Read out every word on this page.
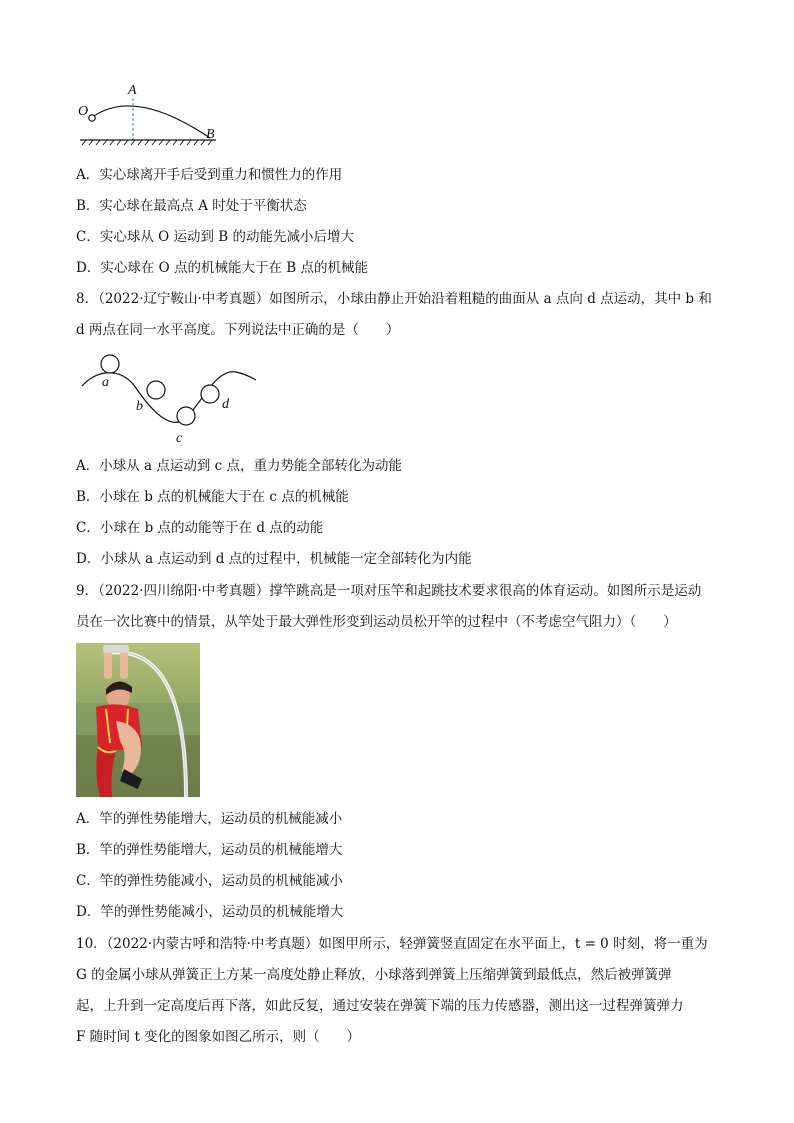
O
A
B
A．实心球离开手后受到重力和惯性力的作用
B．实心球在最高点 A 时处于平衡状态
C．实心球从 O 运动到 B 的动能先减小后增大
D．实心球在 O 点的机械能大于在 B 点的机械能
8．（2022·辽宁鞍山·中考真题）如图所示，小球由静止开始沿着粗糙的曲面从 a 点向 d 点运动，其中 b 和
d 两点在同一水平高度。下列说法中正确的是（　　）
a
b
c
d
A．小球从 a 点运动到 c 点，重力势能全部转化为动能
B．小球在 b 点的机械能大于在 c 点的机械能
C．小球在 b 点的动能等于在 d 点的动能
D．小球从 a 点运动到 d 点的过程中，机械能一定全部转化为内能
9．（2022·四川绵阳·中考真题）撑竿跳高是一项对压竿和起跳技术要求很高的体育运动。如图所示是运动
员在一次比赛中的情景，从竿处于最大弹性形变到运动员松开竿的过程中（不考虑空气阻力）（　　）
A．竿的弹性势能增大，运动员的机械能减小
B．竿的弹性势能增大，运动员的机械能增大
C．竿的弹性势能减小，运动员的机械能减小
D．竿的弹性势能减小，运动员的机械能增大
10．（2022·内蒙古呼和浩特·中考真题）如图甲所示，轻弹簧竖直固定在水平面上，t = 0 时刻，将一重为
G 的金属小球从弹簧正上方某一高度处静止释放，小球落到弹簧上压缩弹簧到最低点，然后被弹簧弹
起，上升到一定高度后再下落，如此反复，通过安装在弹簧下端的压力传感器，测出这一过程弹簧弹力
F 随时间 t 变化的图象如图乙所示，则（　　）
